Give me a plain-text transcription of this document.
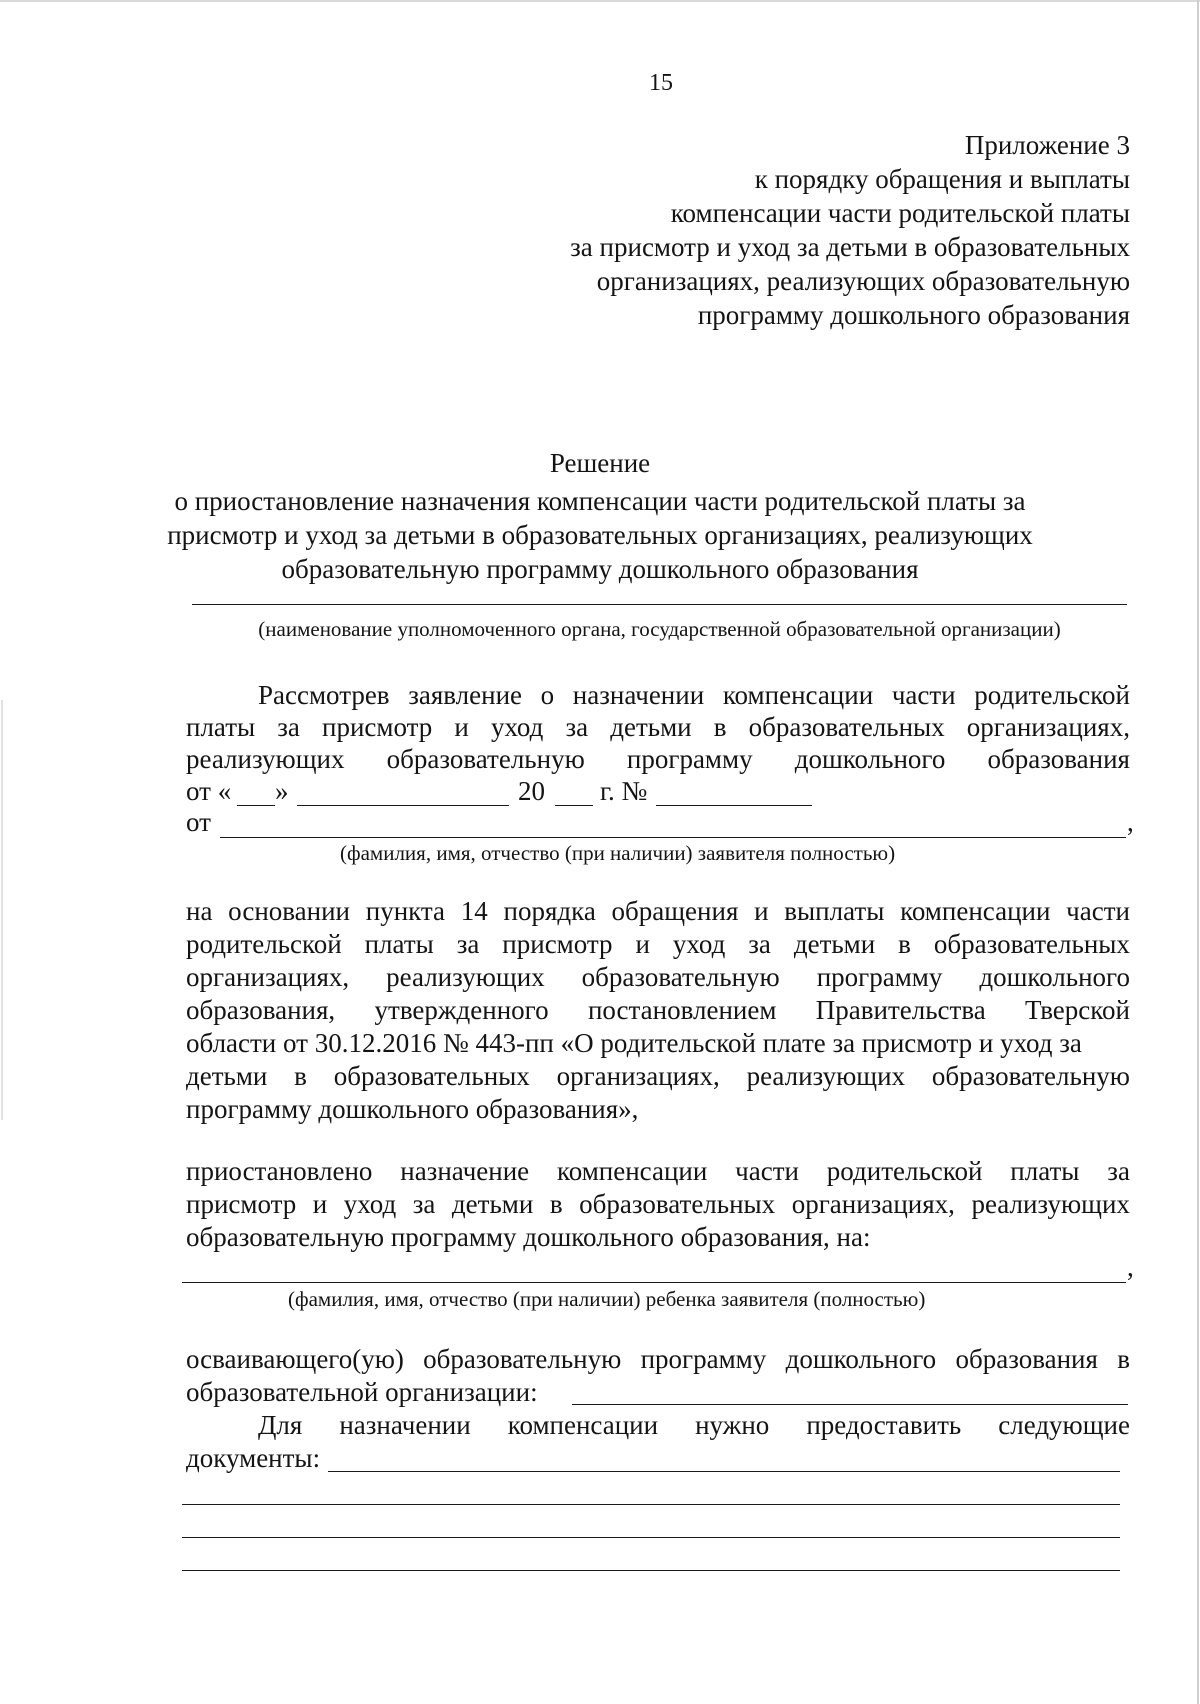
15
Приложение 3
к порядку обращения и выплаты
компенсации части родительской платы
за присмотр и уход за детьми в образовательных
организациях, реализующих образовательную
программу дошкольного образования
Решение
о приостановление назначения компенсации части родительской платы за
присмотр и уход за детьми в образовательных организациях, реализующих
образовательную программу дошкольного образования
(наименование уполномоченного органа, государственной образовательной организации)
Рассмотрев заявление о назначении компенсации части родительской
платы за присмотр и уход за детьми в образовательных организациях,
реализующих образовательную программу дошкольного образования
от « »	20 г. №
от	,
(фамилия, имя, отчество (при наличии) заявителя полностью)
на основании пункта 14 порядка обращения и выплаты компенсации части
родительской платы за присмотр и уход за детьми в образовательных
организациях, реализующих образовательную программу дошкольного
образования, утвержденного постановлением Правительства Тверской
области от 30.12.2016 № 443-пп «О родительской плате за присмотр и уход за
детьми в образовательных организациях, реализующих образовательную
программу дошкольного образования»,
приостановлено назначение компенсации части родительской платы за
присмотр и уход за детьми в образовательных организациях, реализующих
образовательную программу дошкольного образования, на:
,
(фамилия, имя, отчество (при наличии) ребенка заявителя (полностью)
осваивающего(ую) образовательную программу дошкольного образования в
образовательной организации:
Для назначении компенсации нужно предоставить следующие
документы:
